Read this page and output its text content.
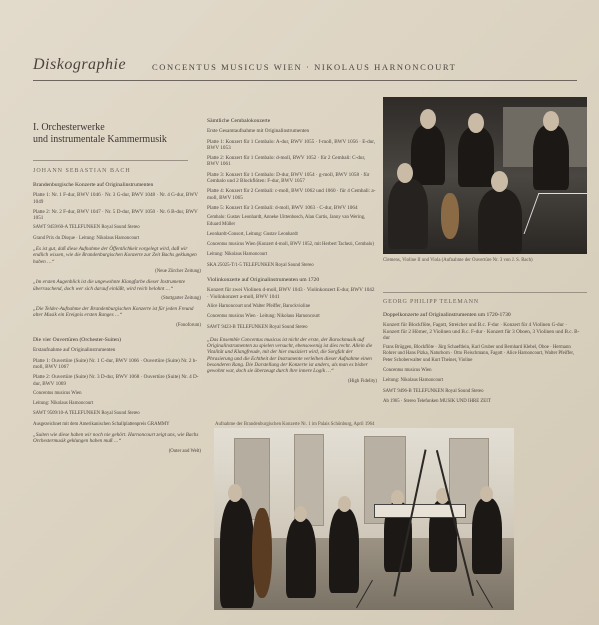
Diskographie	CONCENTUS MUSICUS WIEN · NIKOLAUS HARNONCOURT
I. Orchesterwerke
und instrumentale Kammermusik
JOHANN SEBASTIAN BACH

Brandenburgische Konzerte auf Originalinstrumenten

Platte 1: Nr. 1 F-dur, BWV 1046 · Nr. 3 G-dur, BWV 1048 · Nr. 4 G-dur, BWV 1049

Platte 2: Nr. 2 F-dur, BWV 1047 · Nr. 5 D-dur, BWV 1050 · Nr. 6 B-dur, BWV 1051

SAWT 9459/60-A TELEFUNKEN Royal Sound Stereo

Grand Prix du Disque · Leitung: Nikolaus Harnoncourt

„Es ist gut, daß diese Aufnahme der Öffentlichkeit vorgelegt wird, daß wir endlich wissen, wie die Brandenburgischen Konzerte zur Zeit Bachs geklungen haben …“

(Neue Zürcher Zeitung)

„Im ersten Augenblick ist die ungewohnte Klangfarbe dieser Instrumente überraschend, doch wer sich darauf einläßt, wird reich belohnt …“

(Stuttgarter Zeitung)

„Die Teldec-Aufnahme der Brandenburgischen Konzerte ist für jeden Freund alter Musik ein Ereignis ersten Ranges …“

(Fonoforum)

Die vier Ouvertüren (Orchester-Suiten)

Erstaufnahme auf Originalinstrumenten

Platte 1: Ouvertüre (Suite) Nr. 1 C-dur, BWV 1066 · Ouvertüre (Suite) Nr. 2 h-moll, BWV 1067

Platte 2: Ouvertüre (Suite) Nr. 3 D-dur, BWV 1068 · Ouvertüre (Suite) Nr. 4 D-dur, BWV 1069

Concentus musicus Wien

Leitung: Nikolaus Harnoncourt

SAWT 9509/10-A TELEFUNKEN Royal Sound Stereo

Ausgezeichnet mit dem Amerikanischen Schallplattenpreis GRAMMY

„Suiten wie diese haben wir noch nie gehört. Harnoncourt zeigt uns, wie Bachs Orchestermusik geklungen haben muß …“

(Outer and Welt)

Sämtliche Cembalokonzerte

Erste Gesamtaufnahme mit Originalinstrumenten

Platte 1: Konzert für 1 Cembalo: A-dur, BWV 1055 · f-moll, BWV 1056 · E-dur, BWV 1053

Platte 2: Konzert für 1 Cembalo: d-moll, BWV 1052 · für 2 Cembali: C-dur, BWV 1061

Platte 3: Konzert für 1 Cembalo: D-dur, BWV 1054 · g-moll, BWV 1058 · für Cembalo und 2 Blockflöten: F-dur, BWV 1057

Platte 4: Konzert für 2 Cembali: c-moll, BWV 1062 und 1060 · für 4 Cembali: a-moll, BWV 1065

Platte 5: Konzert für 3 Cembali: d-moll, BWV 1063 · C-dur, BWV 1064

Cembalo: Gustav Leonhardt, Anneke Uittenbosch, Alan Curtis, Janny van Wering, Eduard Müller

Leonhardt-Consort, Leitung: Gustav Leonhardt

Concentus musicus Wien (Konzert d-moll, BWV 1052, mit Herbert Tachezi, Cembalo)

Leitung: Nikolaus Harnoncourt

SKA 25025-T/1-5 TELEFUNKEN Royal Sound Stereo

Violinkonzerte auf Originalinstrumenten um 1720

Konzert für zwei Violinen d-moll, BWV 1043 · Violinkonzert E-dur, BWV 1042 · Violinkonzert a-moll, BWV 1041

Alice Harnoncourt und Walter Pfeiffer, Barockvioline

Concentus musicus Wien · Leitung: Nikolaus Harnoncourt

SAWT 9423-B TELEFUNKEN Royal Sound Stereo

„Das Ensemble Concentus musicus ist nicht der erste, der Barockmusik auf Originalinstrumenten zu spielen versucht, ebensowenig ist dies recht. Allein die Vitalität und Klangfreude, mit der hier musiziert wird, die Sorgfalt der Phrasierung und die Echtheit der Instrumente verleihen dieser Aufnahme einen besonderen Rang. Die Darstellung der Konzerte ist anders, als man es bisher gewohnt war, doch sie überzeugt durch ihre innere Logik …“

(High Fidelity)

Clemens, Violine II und Viola (Aufnahme der Ouvertüre Nr. 3 von J. S. Bach)
GEORG PHILIPP TELEMANN

Doppelkonzerte auf Originalinstrumenten um 1720-1730

Konzert für Blockflöte, Fagott, Streicher und B.c. F-dur · Konzert für 4 Violinen G-dur · Konzert für 2 Hörner, 2 Violinen und B.c. F-dur · Konzert für 3 Oboen, 3 Violinen und B.c. B-dur

Frans Brüggen, Blockflöte · Jürg Schaeftlein, Karl Gruber und Bernhard Klebel, Oboe · Hermann Rohrer und Hans Pizka, Naturhorn · Otto Fleischmann, Fagott · Alice Harnoncourt, Walter Pfeiffer, Peter Schoberwalter und Kurt Theiner, Violine

Concentus musicus Wien

Leitung: Nikolaus Harnoncourt

SAWT 9496-B TELEFUNKEN Royal Sound Stereo

Ab 1965 · Stereo Telefunken MUSIK UND IHRE ZEIT

Aufnahme der Brandenburgischen Konzerte Nr. 1 im Palais Schönburg, April 1964
